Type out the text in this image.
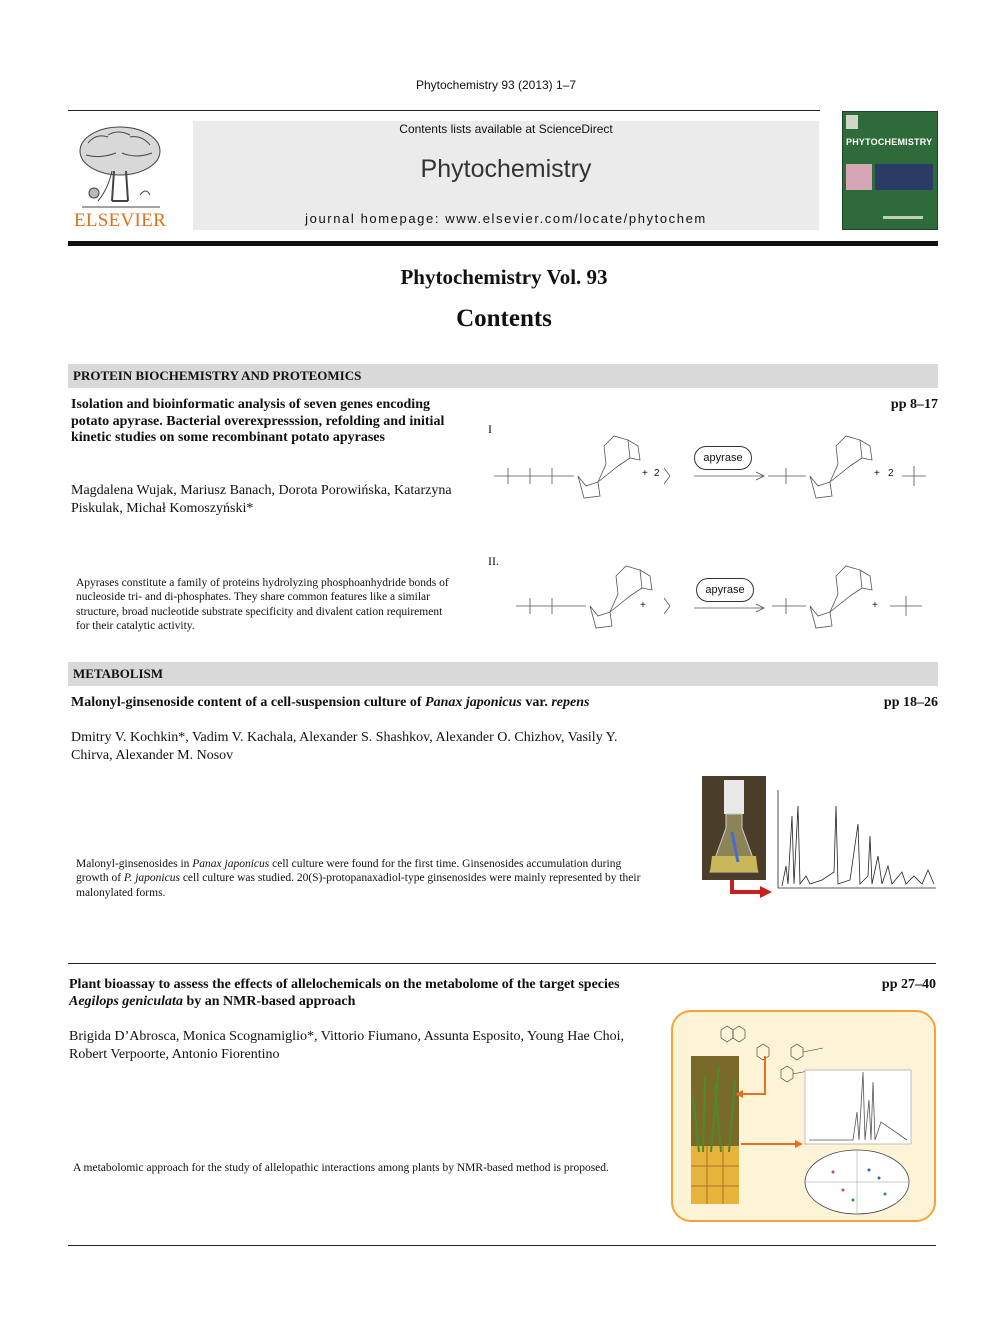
Phytochemistry 93 (2013) 1–7
ELSEVIER
Contents lists available at ScienceDirect
Phytochemistry
journal homepage: www.elsevier.com/locate/phytochem
PHYTOCHEMISTRY
Phytochemistry Vol. 93
Contents
PROTEIN BIOCHEMISTRY AND PROTEOMICS
Isolation and bioinformatic analysis of seven genes encoding potato apyrase. Bacterial overexpresssion, refolding and initial kinetic studies on some recombinant potato apyrases
pp 8–17
Magdalena Wujak, Mariusz Banach, Dorota Porowińska, Katarzyna Piskulak, Michał Komoszyński*
Apyrases constitute a family of proteins hydrolyzing phosphoanhydride bonds of nucleoside tri- and di-phosphates. They share common features like a similar structure, broad nucleotide substrate specificity and divalent cation requirement for their catalytic activity.
I
II.
+ 2
apyrase
+ 2
+
apyrase
+
METABOLISM
Malonyl-ginsenoside content of a cell-suspension culture of Panax japonicus var. repens	pp 18–26
Dmitry V. Kochkin*, Vadim V. Kachala, Alexander S. Shashkov, Alexander O. Chizhov, Vasily Y. Chirva, Alexander M. Nosov
Malonyl-ginsenosides in Panax japonicus cell culture were found for the first time. Ginsenosides accumulation during growth of P. japonicus cell culture was studied. 20(S)-protopanaxadiol-type ginsenosides were mainly represented by their malonylated forms.
Plant bioassay to assess the effects of allelochemicals on the metabolome of the target species Aegilops geniculata by an NMR-based approach
pp 27–40
Brigida D’Abrosca, Monica Scognamiglio*, Vittorio Fiumano, Assunta Esposito, Young Hae Choi, Robert Verpoorte, Antonio Fiorentino
A metabolomic approach for the study of allelopathic interactions among plants by NMR-based method is proposed.
